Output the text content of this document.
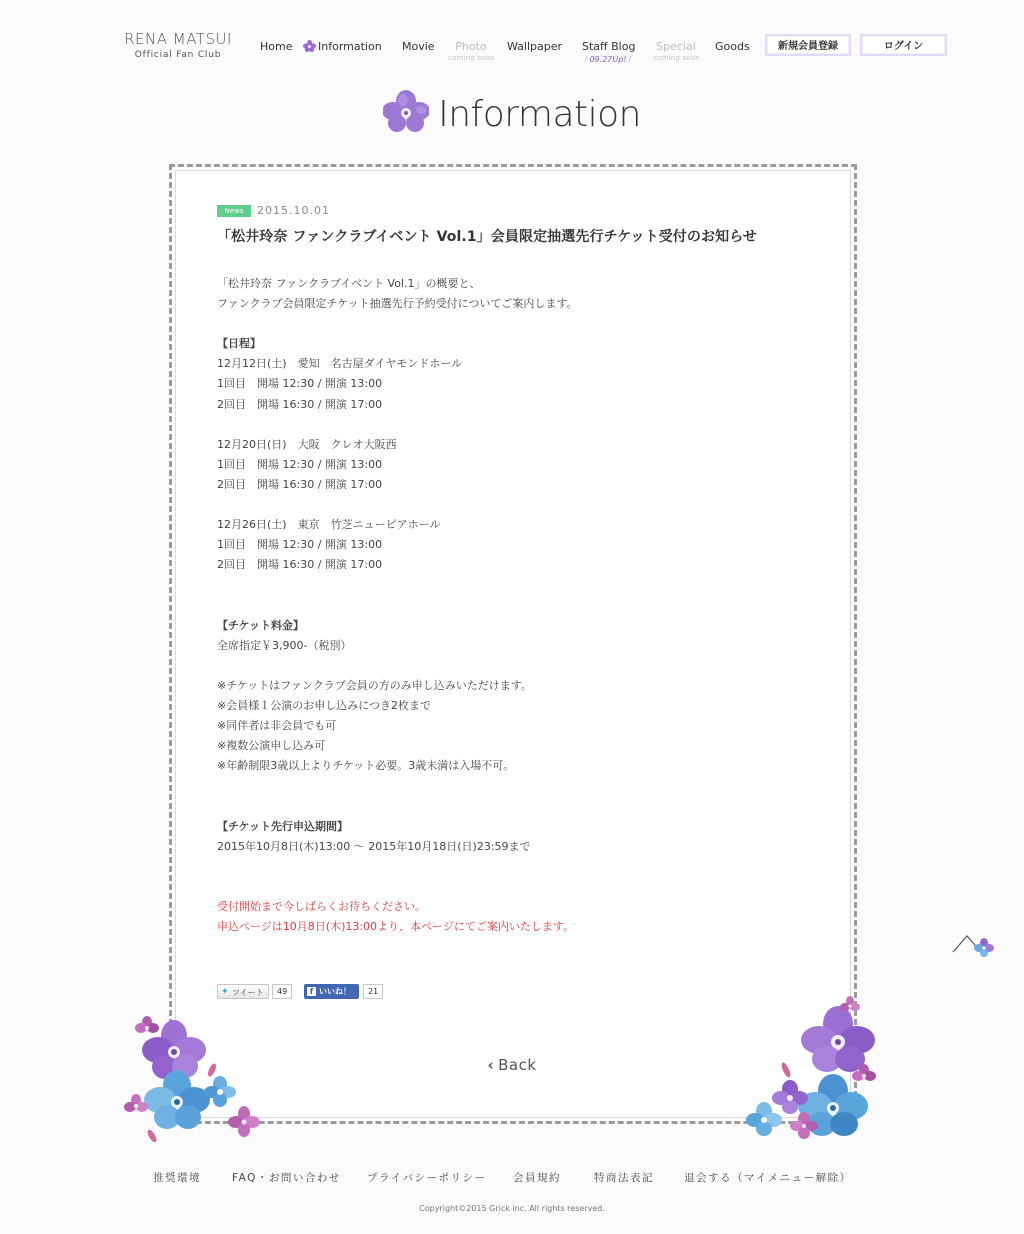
RENA MATSUI
Official Fan Club
Home	Information Movie	Photo
coming soon
Wallpaper Staff Blog
/ 09.27Up! /
Special
coming soon
Goods	新規会員登録	ログイン
Information
News 2015.10.01
「松井玲奈 ファンクラブイベント Vol.1」会員限定抽選先行チケット受付のお知らせ
「松井玲奈 ファンクラブイベント Vol.1」の概要と、
ファンクラブ会員限定チケット抽選先行予約受付についてご案内します。
【日程】
12月12日(土)　愛知　名古屋ダイヤモンドホール
1回目　開場 12:30 / 開演 13:00
2回目　開場 16:30 / 開演 17:00
12月20日(日)　大阪　クレオ大阪西
1回目　開場 12:30 / 開演 13:00
2回目　開場 16:30 / 開演 17:00
12月26日(土)　東京　竹芝ニューピアホール
1回目　開場 12:30 / 開演 13:00
2回目　開場 16:30 / 開演 17:00
【チケット料金】
全席指定￥3,900-（税別）
※チケットはファンクラブ会員の方のみ申し込みいただけます。
※会員様１公演のお申し込みにつき2枚まで
※同伴者は非会員でも可
※複数公演申し込み可
※年齢制限3歳以上よりチケット必要。3歳未満は入場不可。
【チケット先行申込期間】
2015年10月8日(木)13:00 ～ 2015年10月18日(日)23:59まで
受付開始まで今しばらくお待ちください。
申込ページは10月8日(木)13:00より、本ページにてご案内いたします。
✦ ツイート	49	f いいね！	21
‹ Back
推奨環境	FAQ・お問い合わせ プライバシーポリシー	会員規約	特商法表記	退会する（マイメニュー解除）
Copyright©2015 Grick inc. All rights reserved.
